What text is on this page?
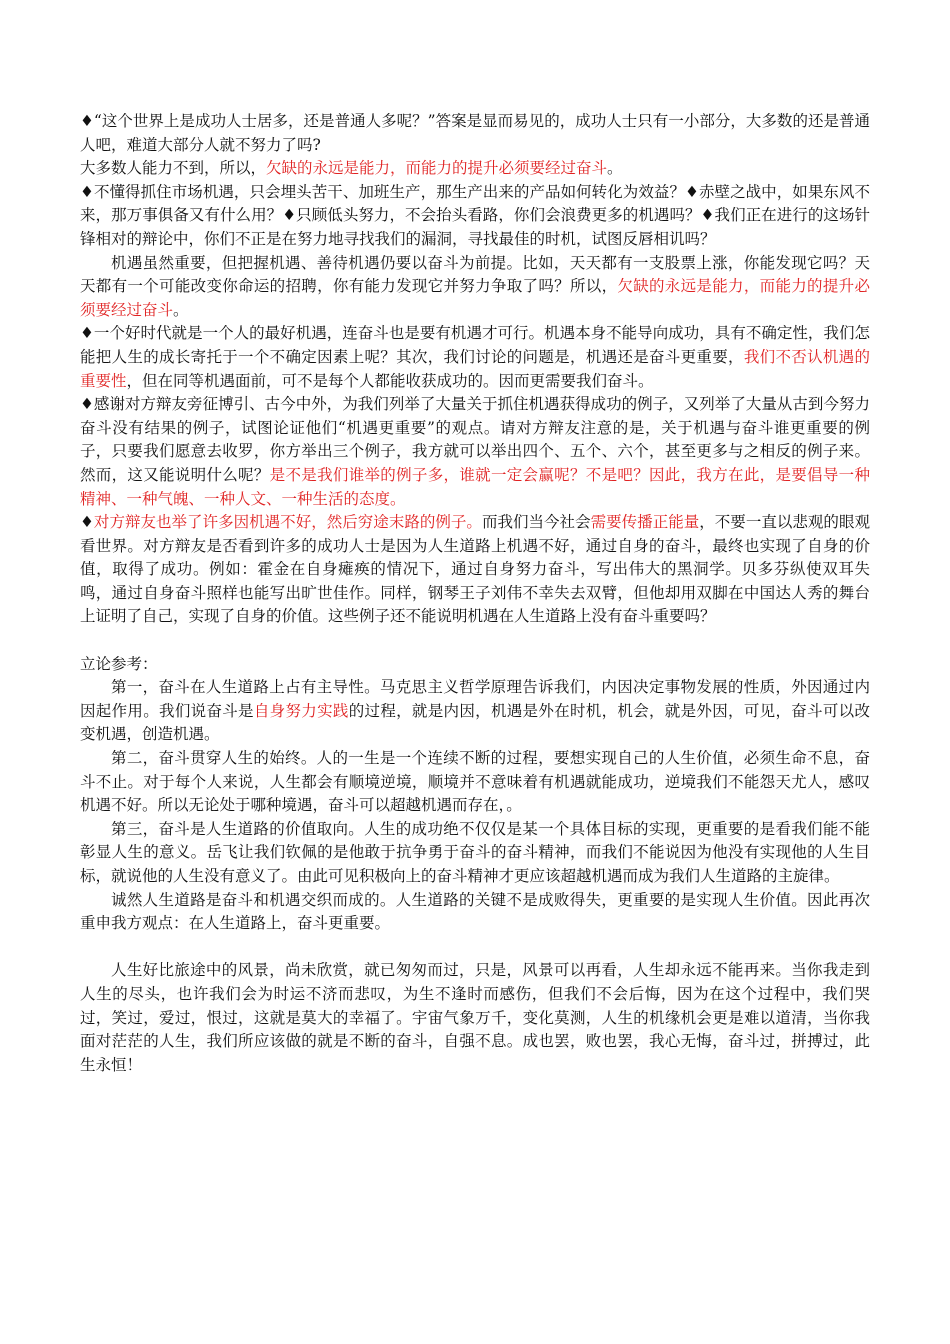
♦“这个世界上是成功人士居多，还是普通人多呢？”答案是显而易见的，成功人士只有一小部分，大多数的还是普通人吧，难道大部分人就不努力了吗?

大多数人能力不到，所以，欠缺的永远是能力，而能力的提升必须要经过奋斗。

♦不懂得抓住市场机遇，只会埋头苦干、加班生产，那生产出来的产品如何转化为效益？♦赤壁之战中，如果东风不来，那万事俱备又有什么用？♦只顾低头努力，不会抬头看路，你们会浪费更多的机遇吗？♦我们正在进行的这场针锋相对的辩论中，你们不正是在努力地寻找我们的漏洞，寻找最佳的时机，试图反唇相讥吗？

机遇虽然重要，但把握机遇、善待机遇仍要以奋斗为前提。比如，天天都有一支股票上涨，你能发现它吗？天天都有一个可能改变你命运的招聘，你有能力发现它并努力争取了吗？所以，欠缺的永远是能力，而能力的提升必须要经过奋斗。

♦一个好时代就是一个人的最好机遇，连奋斗也是要有机遇才可行。机遇本身不能导向成功，具有不确定性，我们怎能把人生的成长寄托于一个不确定因素上呢？其次，我们讨论的问题是，机遇还是奋斗更重要，我们不否认机遇的重要性，但在同等机遇面前，可不是每个人都能收获成功的。因而更需要我们奋斗。

♦感谢对方辩友旁征博引、古今中外，为我们列举了大量关于抓住机遇获得成功的例子，又列举了大量从古到今努力奋斗没有结果的例子，试图论证他们“机遇更重要”的观点。请对方辩友注意的是，关于机遇与奋斗谁更重要的例子，只要我们愿意去收罗，你方举出三个例子，我方就可以举出四个、五个、六个，甚至更多与之相反的例子来。然而，这又能说明什么呢？是不是我们谁举的例子多，谁就一定会赢呢？不是吧？因此，我方在此，是要倡导一种精神、一种气魄、一种人文、一种生活的态度。

♦对方辩友也举了许多因机遇不好，然后穷途末路的例子。而我们当今社会需要传播正能量，不要一直以悲观的眼观看世界。对方辩友是否看到许多的成功人士是因为人生道路上机遇不好，通过自身的奋斗，最终也实现了自身的价值，取得了成功。例如：霍金在自身瘫痪的情况下，通过自身努力奋斗，写出伟大的黑洞学。贝多芬纵使双耳失鸣，通过自身奋斗照样也能写出旷世佳作。同样，钢琴王子刘伟不幸失去双臂，但他却用双脚在中国达人秀的舞台上证明了自己，实现了自身的价值。这些例子还不能说明机遇在人生道路上没有奋斗重要吗？

立论参考：

第一，奋斗在人生道路上占有主导性。马克思主义哲学原理告诉我们，内因决定事物发展的性质，外因通过内因起作用。我们说奋斗是自身努力实践的过程，就是内因，机遇是外在时机，机会，就是外因，可见，奋斗可以改变机遇，创造机遇。

第二，奋斗贯穿人生的始终。人的一生是一个连续不断的过程，要想实现自己的人生价值，必须生命不息，奋斗不止。对于每个人来说，人生都会有顺境逆境，顺境并不意味着有机遇就能成功，逆境我们不能怨天尤人，感叹机遇不好。所以无论处于哪种境遇，奋斗可以超越机遇而存在，。

第三，奋斗是人生道路的价值取向。人生的成功绝不仅仅是某一个具体目标的实现，更重要的是看我们能不能彰显人生的意义。岳飞让我们钦佩的是他敢于抗争勇于奋斗的奋斗精神，而我们不能说因为他没有实现他的人生目标，就说他的人生没有意义了。由此可见积极向上的奋斗精神才更应该超越机遇而成为我们人生道路的主旋律。

诚然人生道路是奋斗和机遇交织而成的。人生道路的关键不是成败得失，更重要的是实现人生价值。因此再次重申我方观点：在人生道路上，奋斗更重要。

人生好比旅途中的风景，尚未欣赏，就已匆匆而过，只是，风景可以再看，人生却永远不能再来。当你我走到人生的尽头，也许我们会为时运不济而悲叹，为生不逢时而感伤，但我们不会后悔，因为在这个过程中，我们哭过，笑过，爱过，恨过，这就是莫大的幸福了。宇宙气象万千，变化莫测，人生的机缘机会更是难以道清，当你我面对茫茫的人生，我们所应该做的就是不断的奋斗，自强不息。成也罢，败也罢，我心无悔，奋斗过，拼搏过，此生永恒！
